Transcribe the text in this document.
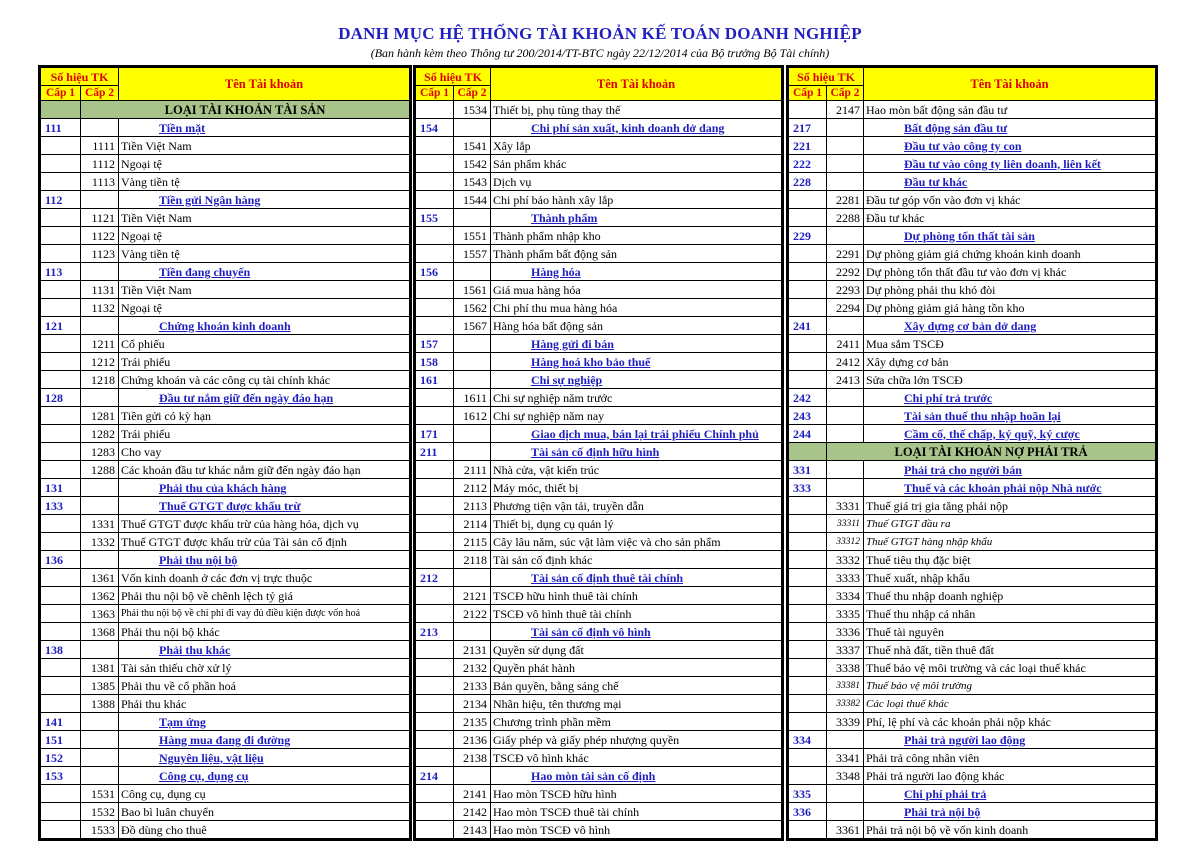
DANH MỤC HỆ THỐNG TÀI KHOẢN KẾ TOÁN DOANH NGHIỆP
(Ban hành kèm theo Thông tư 200/2014/TT-BTC ngày 22/12/2014 của Bộ trưởng Bộ Tài chính)
Số hiệu TK		Tên Tài khoản
Cấp 1	Cấp 2	
	LOẠI TÀI KHOẢN TÀI SẢN	
111		Tiền mặt
	1111	Tiền Việt Nam
	1112	Ngoại tệ
	1113	Vàng tiền tệ
112		Tiền gửi Ngân hàng
	1121	Tiền Việt Nam
	1122	Ngoại tệ
	1123	Vàng tiền tệ
113		Tiền đang chuyển
	1131	Tiền Việt Nam
	1132	Ngoại tệ
121		Chứng khoán kinh doanh
	1211	Cổ phiếu
	1212	Trái phiếu
	1218	Chứng khoán và các công cụ tài chính khác
128		Đầu tư nắm giữ đến ngày đáo hạn
	1281	Tiền gửi có kỳ hạn
	1282	Trái phiếu
	1283	Cho vay
	1288	Các khoản đầu tư khác nắm giữ đến ngày đáo hạn
131		Phải thu của khách hàng
133		Thuế GTGT được khấu trừ
	1331	Thuế GTGT được khấu trừ của hàng hóa, dịch vụ
	1332	Thuế GTGT được khấu trừ của Tài sản cố định
136		Phải thu nội bộ
	1361	Vốn kinh doanh ở các đơn vị trực thuộc
	1362	Phải thu nội bộ về chênh lệch tỷ giá
	1363	Phải thu nội bộ về chi phí đi vay đủ điều kiện được vốn hoá
	1368	Phải thu nội bộ khác
138		Phải thu khác
	1381	Tài sản thiếu chờ xử lý
	1385	Phải thu về cổ phần hoá
	1388	Phải thu khác
141		Tạm ứng
151		Hàng mua đang đi đường
152		Nguyên liệu, vật liệu
153		Công cụ, dụng cụ
	1531	Công cụ, dụng cụ
	1532	Bao bì luân chuyển
	1533	Đồ dùng cho thuê
Số hiệu TK		Tên Tài khoản
Cấp 1	Cấp 2	
	1534	Thiết bị, phụ tùng thay thế
154		Chi phí sản xuất, kinh doanh dở dang
	1541	Xây lắp
	1542	Sản phẩm khác
	1543	Dịch vụ
	1544	Chi phí bảo hành xây lắp
155		Thành phẩm
	1551	Thành phẩm nhập kho
	1557	Thành phẩm bất động sản
156		Hàng hóa
	1561	Giá mua hàng hóa
	1562	Chi phí thu mua hàng hóa
	1567	Hàng hóa bất động sản
157		Hàng gửi đi bán
158		Hàng hoá kho bảo thuế
161		Chi sự nghiệp
	1611	Chi sự nghiệp năm trước
	1612	Chi sự nghiệp năm nay
171		Giao dịch mua, bán lại trái phiếu Chính phủ
211		Tài sản cố định hữu hình
	2111	Nhà cửa, vật kiến trúc
	2112	Máy móc, thiết bị
	2113	Phương tiện vận tải, truyền dẫn
	2114	Thiết bị, dụng cụ quản lý
	2115	Cây lâu năm, súc vật làm việc và cho sản phẩm
	2118	Tài sản cố định khác
212		Tài sản cố định thuê tài chính
	2121	TSCĐ hữu hình thuê tài chính
	2122	TSCĐ vô hình thuê tài chính
213		Tài sản cố định vô hình
	2131	Quyền sử dụng đất
	2132	Quyền phát hành
	2133	Bản quyền, bằng sáng chế
	2134	Nhãn hiệu, tên thương mại
	2135	Chương trình phần mềm
	2136	Giấy phép và giấy phép nhượng quyền
	2138	TSCĐ vô hình khác
214		Hao mòn tài sản cố định
	2141	Hao mòn TSCĐ hữu hình
	2142	Hao mòn TSCĐ thuê tài chính
	2143	Hao mòn TSCĐ vô hình
Số hiệu TK		Tên Tài khoản
Cấp 1	Cấp 2	
	2147	Hao mòn bất động sản đầu tư
217		Bất động sản đầu tư
221		Đầu tư vào công ty con
222		Đầu tư vào công ty liên doanh, liên kết
228		Đầu tư khác
	2281	Đầu tư góp vốn vào đơn vị khác
	2288	Đầu tư khác
229		Dự phòng tổn thất tài sản
	2291	Dự phòng giảm giá chứng khoán kinh doanh
	2292	Dự phòng tổn thất đầu tư vào đơn vị khác
	2293	Dự phòng phải thu khó đòi
	2294	Dự phòng giảm giá hàng tồn kho
241		Xây dựng cơ bản dở dang
	2411	Mua sắm TSCĐ
	2412	Xây dựng cơ bản
	2413	Sửa chữa lớn TSCĐ
242		Chi phí trả trước
243		Tài sản thuế thu nhập hoãn lại
244		Cầm cố, thế chấp, ký quỹ, ký cược
	LOẠI TÀI KHOẢN NỢ PHẢI TRẢ	
331		Phải trả cho người bán
333		Thuế và các khoản phải nộp Nhà nước
	3331	Thuế giá trị gia tăng phải nộp
	33311	Thuế GTGT đầu ra
	33312	Thuế GTGT hàng nhập khẩu
	3332	Thuế tiêu thụ đặc biệt
	3333	Thuế xuất, nhập khẩu
	3334	Thuế thu nhập doanh nghiệp
	3335	Thuế thu nhập cá nhân
	3336	Thuế tài nguyên
	3337	Thuế nhà đất, tiền thuê đất
	3338	Thuế bảo vệ môi trường và các loại thuế khác
	33381	Thuế bảo vệ môi trường
	33382	Các loại thuế khác
	3339	Phí, lệ phí và các khoản phải nộp khác
334		Phải trả người lao động
	3341	Phải trả công nhân viên
	3348	Phải trả người lao động khác
335		Chi phí phải trả
336		Phải trả nội bộ
	3361	Phải trả nội bộ về vốn kinh doanh
